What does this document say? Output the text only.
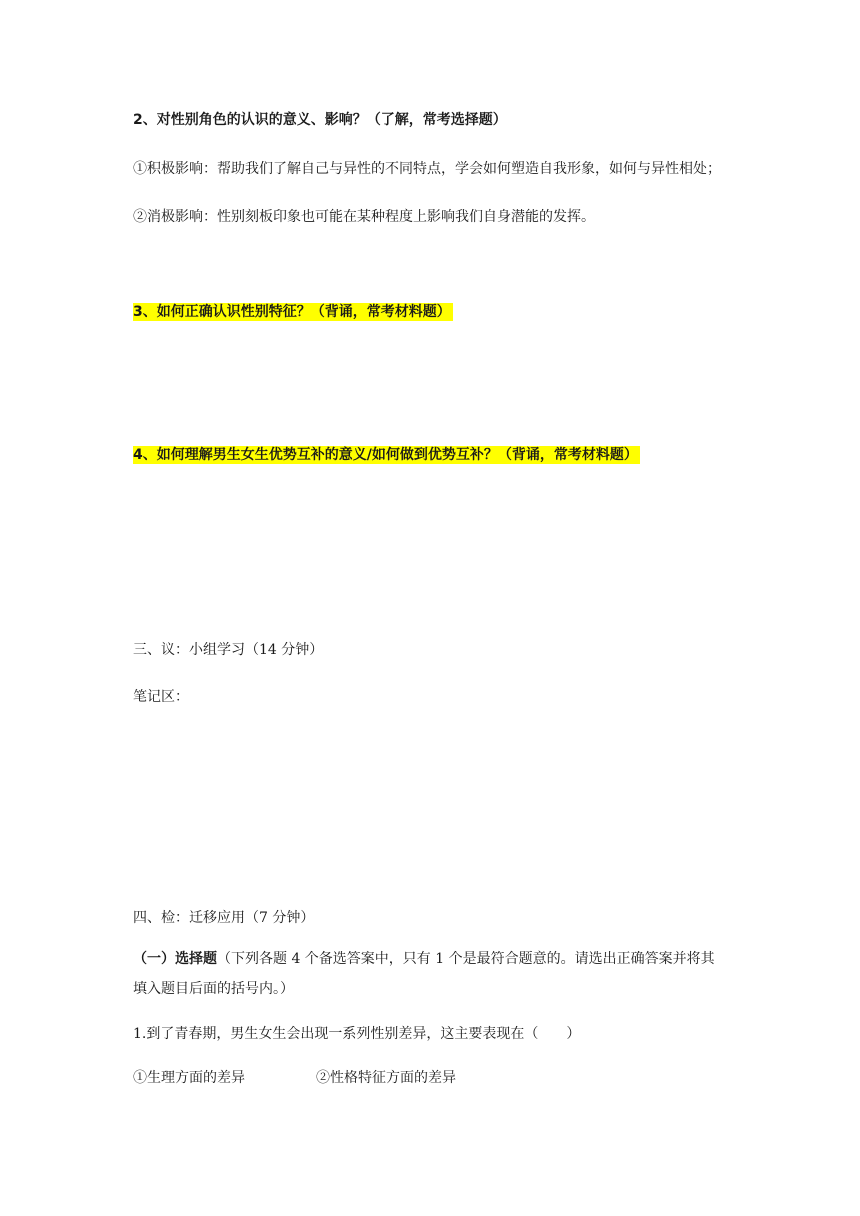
2、对性别角色的认识的意义、影响？（了解，常考选择题）
①积极影响：帮助我们了解自己与异性的不同特点，学会如何塑造自我形象，如何与异性相处；
②消极影响：性别刻板印象也可能在某种程度上影响我们自身潜能的发挥。
3、如何正确认识性别特征？（背诵，常考材料题）
4、如何理解男生女生优势互补的意义/如何做到优势互补？（背诵，常考材料题）
三、议：小组学习（14 分钟）
笔记区：
四、检：迁移应用（7 分钟）
（一）选择题（下列各题 4 个备选答案中，只有 1 个是最符合题意的。请选出正确答案并将其
填入题目后面的括号内。）
1.到了青春期，男生女生会出现一系列性别差异，这主要表现在（　　）
①生理方面的差异	②性格特征方面的差异
